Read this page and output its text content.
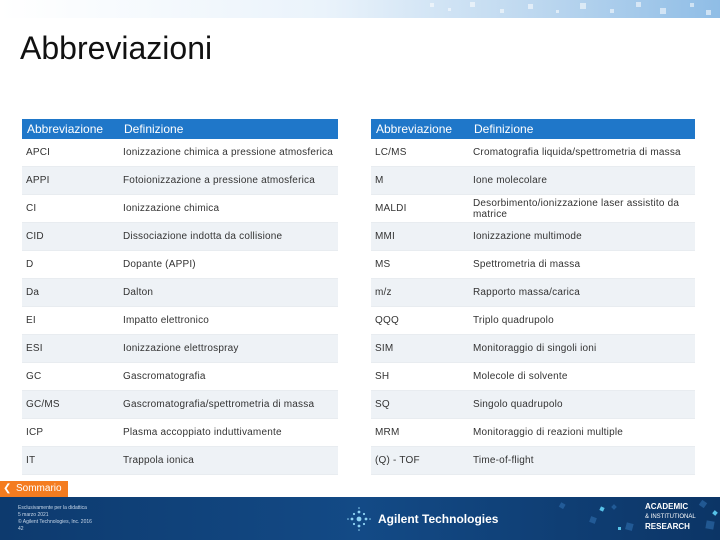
Abbreviazioni
Abbreviazione	Definizione
APCI	Ionizzazione chimica a pressione atmosferica
APPI	Fotoionizzazione a pressione atmosferica
CI	Ionizzazione chimica
CID	Dissociazione indotta da collisione
D	Dopante (APPI)
Da	Dalton
EI	Impatto elettronico
ESI	Ionizzazione elettrospray
GC	Gascromatografia
GC/MS	Gascromatografia/spettrometria di massa
ICP	Plasma accoppiato induttivamente
IT	Trappola ionica
Abbreviazione	Definizione
LC/MS	Cromatografia liquida/spettrometria di massa
M	Ione molecolare
MALDI	Desorbimento/ionizzazione laser assistito da matrice
MMI	Ionizzazione multimode
MS	Spettrometria di massa
m/z	Rapporto massa/carica
QQQ	Triplo quadrupolo
SIM	Monitoraggio di singoli ioni
SH	Molecole di solvente
SQ	Singolo quadrupolo
MRM	Monitoraggio di reazioni multiple
(Q) - TOF	Time-of-flight
❮ Sommario
Esclusivamente per la didattica
5 marzo 2021
© Agilent Technologies, Inc. 2016
42
Agilent Technologies
ACADEMIC
& INSTITUTIONAL
RESEARCH
